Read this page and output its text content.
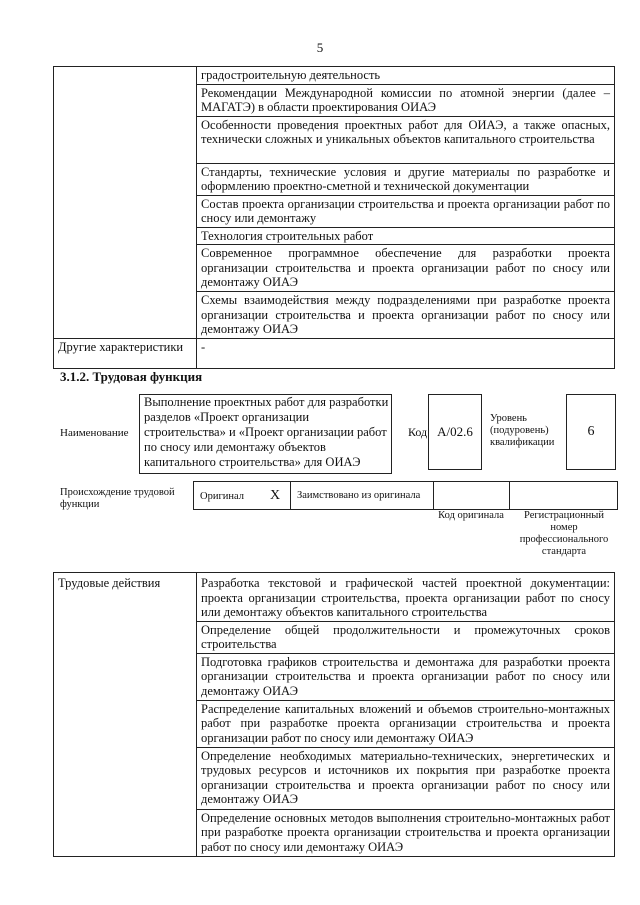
5
	градостроительную деятельность
	Рекомендации Международной комиссии по атомной энергии (далее – МАГАТЭ) в области проектирования ОИАЭ
	Особенности проведения проектных работ для ОИАЭ, а также опасных, технически сложных и уникальных объектов капитального строительства
	Стандарты, технические условия и другие материалы по разработке и оформлению проектно-сметной и технической документации
	Состав проекта организации строительства и проекта организации работ по сносу или демонтажу
	Технология строительных работ
	Современное программное обеспечение для разработки проекта организации строительства и проекта организации работ по сносу или демонтажу ОИАЭ
	Схемы взаимодействия между подразделениями при разработке проекта организации строительства и проекта организации работ по сносу или демонтажу ОИАЭ
Другие характеристики	-
3.1.2. Трудовая функция
Наименование
Выполнение проектных работ для разработки разделов «Проект организации строительства» и «Проект организации работ по сносу или демонтажу объектов капитального строительства» для ОИАЭ
Код А/02.6
Уровень (подуровень) квалификации
6
Происхождение трудовой функции
Оригинал Х Заимствовано из оригинала
Код оригинала	Регистрационный номер профессионального стандарта
Трудовые действия	Разработка текстовой и графической частей проектной документации: проекта организации строительства, проекта организации работ по сносу или демонтажу объектов капитального строительства
Определение общей продолжительности и промежуточных сроков строительства
Подготовка графиков строительства и демонтажа для разработки проекта организации строительства и проекта организации работ по сносу или демонтажу ОИАЭ
Распределение капитальных вложений и объемов строительно-монтажных работ при разработке проекта организации строительства и проекта организации работ по сносу или демонтажу ОИАЭ
Определение необходимых материально-технических, энергетических и трудовых ресурсов и источников их покрытия при разработке проекта организации строительства и проекта организации работ по сносу или демонтажу ОИАЭ
Определение основных методов выполнения строительно-монтажных работ при разработке проекта организации строительства и проекта организации работ по сносу или демонтажу ОИАЭ
